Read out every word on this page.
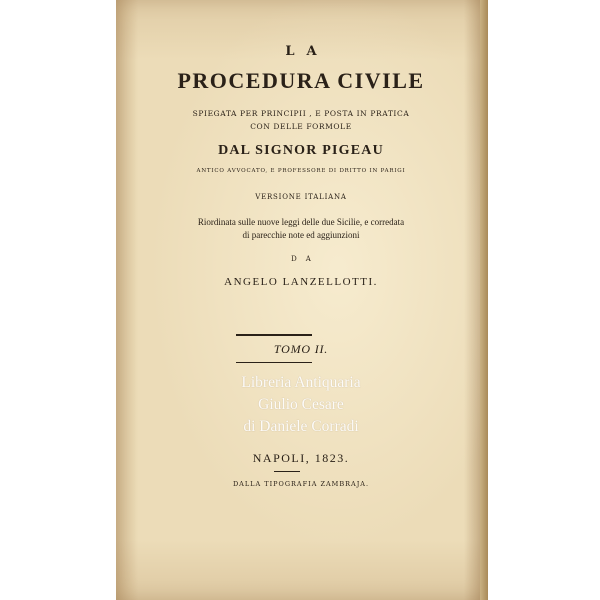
LA
PROCEDURA CIVILE
SPIEGATA PER PRINCIPII , E POSTA IN PRATICA
CON DELLE FORMOLE
DAL SIGNOR PIGEAU
ANTICO AVVOCATO, E PROFESSORE DI DRITTO IN PARIGI
VERSIONE ITALIANA
Riordinata sulle nuove leggi delle due Sicilie, e corredata
di parecchie note ed aggiunzioni
DA
ANGELO LANZELLOTTI.
TOMO II.
Libreria Antiquaria
Giulio Cesare
di Daniele Corradi
NAPOLI, 1823.
DALLA TIPOGRAFIA ZAMBRAJA.
